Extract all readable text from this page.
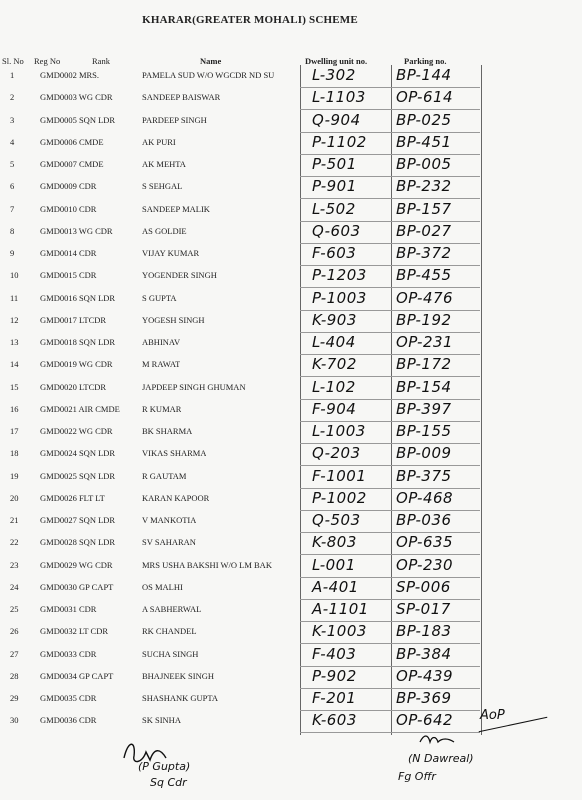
KHARAR(GREATER MOHALI) SCHEME
Sl. No Reg No	Rank	Name	Dwelling unit no.	Parking no.
1	GMD0002 MRS.	PAMELA SUD W/O WGCDR ND SU	L-302	BP-144
2	GMD0003 WG CDR	SANDEEP BAISWAR	L-1103 OP-614
3	GMD0005 SQN LDR	PARDEEP SINGH	Q-904 BP-025
4	GMD0006 CMDE	AK PURI	P-1102 BP-451
5	GMD0007 CMDE	AK MEHTA	P-501	BP-005
6	GMD0009 CDR	S SEHGAL	P-901	BP-232
7	GMD0010 CDR	SANDEEP MALIK	L-502	BP-157
8	GMD0013 WG CDR	AS GOLDIE	Q-603 BP-027
9	GMD0014 CDR	VIJAY KUMAR	F-603	BP-372
10	GMD0015 CDR	YOGENDER SINGH	P-1203 BP-455
11	GMD0016 SQN LDR	S GUPTA	P-1003 OP-476
12	GMD0017 LTCDR	YOGESH SINGH	K-903	BP-192
13	GMD0018 SQN LDR	ABHINAV	L-404	OP-231
14	GMD0019 WG CDR	M RAWAT	K-702	BP-172
15	GMD0020 LTCDR	JAPDEEP SINGH GHUMAN	L-102	BP-154
16	GMD0021 AIR CMDE	R KUMAR	F-904	BP-397
17	GMD0022 WG CDR	BK SHARMA	L-1003 BP-155
18	GMD0024 SQN LDR	VIKAS SHARMA	Q-203 BP-009
19	GMD0025 SQN LDR	R GAUTAM	F-1001 BP-375
20	GMD0026 FLT LT	KARAN KAPOOR	P-1002 OP-468
21	GMD0027 SQN LDR	V MANKOTIA	Q-503 BP-036
22	GMD0028 SQN LDR	SV SAHARAN	K-803	OP-635
23	GMD0029 WG CDR	MRS USHA BAKSHI W/O LM BAK	L-001	OP-230
24	GMD0030 GP CAPT	OS MALHI	A-401 SP-006
25	GMD0031 CDR	A SABHERWAL	A-1101 SP-017
26	GMD0032 LT CDR	RK CHANDEL	K-1003 BP-183
27	GMD0033 CDR	SUCHA SINGH	F-403	BP-384
28	GMD0034 GP CAPT	BHAJNEEK SINGH	P-902	OP-439
29	GMD0035 CDR	SHASHANK GUPTA	F-201	BP-369
30	GMD0036 CDR	SK SINHA	K-603	OP-642
(P Gupta)
Sq Cdr
(N Dawreal)
Fg Offr
AoP
